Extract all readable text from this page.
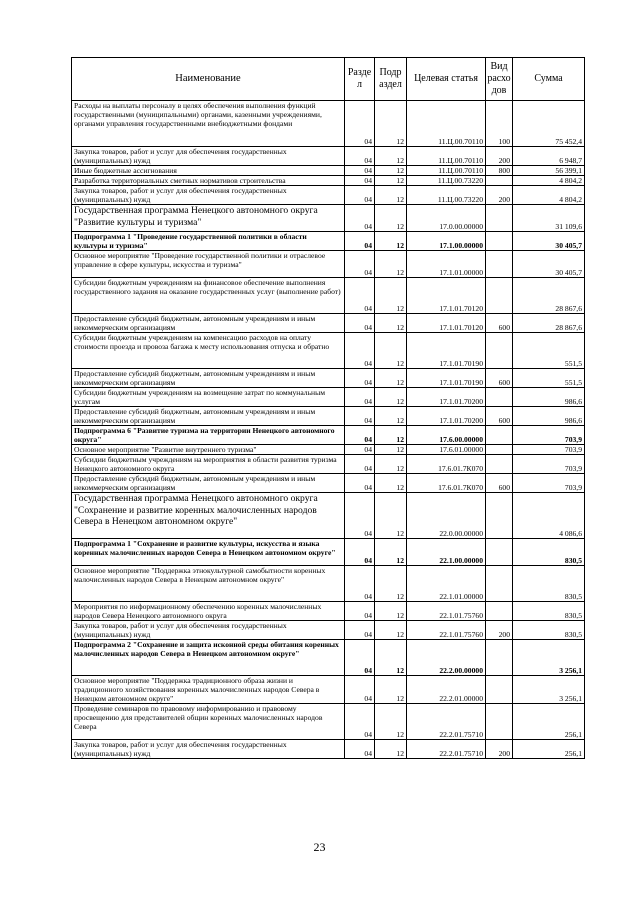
Наименование	Разде л	Подр аздел	Целевая статья	Вид расхо дов	Сумма
Расходы на выплаты персоналу в целях обеспечения выполнения функций государственными (муниципальными) органами, казенными учреждениями, органами управления государственными внебюджетными фондами	04	12	11.Ц.00.70110	100	75 452,4
Закупка товаров, работ и услуг для обеспечения государственных (муниципальных) нужд	04	12	11.Ц.00.70110	200	6 948,7
Иные бюджетные ассигнования	04	12	11.Ц.00.70110	800	56 399,1
Разработка территориальных сметных нормативов строительства	04	12	11.Ц.00.73220		4 804,2
Закупка товаров, работ и услуг для обеспечения государственных (муниципальных) нужд	04	12	11.Ц.00.73220	200	4 804,2
Государственная программа Ненецкого автономного округа "Развитие культуры и туризма"	04	12	17.0.00.00000		31 109,6
Подпрограмма 1 "Проведение государственной политики в области культуры и туризма"	04	12	17.1.00.00000		30 405,7
Основное мероприятие "Проведение государственной политики и отраслевое управление в сфере культуры, искусства и туризма"	04	12	17.1.01.00000		30 405,7
Субсидии бюджетным учреждениям на финансовое обеспечение выполнения государственного задания на оказание государственных услуг (выполнение работ)	04	12	17.1.01.70120		28 867,6
Предоставление субсидий бюджетным, автономным учреждениям и иным некоммерческим организациям	04	12	17.1.01.70120	600	28 867,6
Субсидии бюджетным учреждениям на компенсацию расходов на оплату стоимости проезда и провоза багажа к месту использования отпуска и обратно	04	12	17.1.01.70190		551,5
Предоставление субсидий бюджетным, автономным учреждениям и иным некоммерческим организациям	04	12	17.1.01.70190	600	551,5
Субсидии бюджетным учреждениям на возмещение затрат по коммунальным услугам	04	12	17.1.01.70200		986,6
Предоставление субсидий бюджетным, автономным учреждениям и иным некоммерческим организациям	04	12	17.1.01.70200	600	986,6
Подпрограмма 6 "Развитие туризма на территории Ненецкого автономного округа"	04	12	17.6.00.00000		703,9
Основное мероприятие "Развитие внутреннего туризма"	04	12	17.6.01.00000		703,9
Субсидии бюджетным учреждениям на мероприятия в области развития туризма Ненецкого автономного округа	04	12	17.6.01.7К070		703,9
Предоставление субсидий бюджетным, автономным учреждениям и иным некоммерческим организациям	04	12	17.6.01.7К070	600	703,9
Государственная программа Ненецкого автономного округа "Сохранение и развитие коренных малочисленных народов Севера в Ненецком автономном округе"	04	12	22.0.00.00000		4 086,6
Подпрограмма 1 "Сохранение и развитие культуры, искусства и языка коренных малочисленных народов Севера в Ненецком автономном округе"	04	12	22.1.00.00000		830,5
Основное мероприятие "Поддержка этнокультурной самобытности коренных малочисленных народов Севера в Ненецком автономном округе"	04	12	22.1.01.00000		830,5
Мероприятия по информационному обеспечению коренных малочисленных народов Севера Ненецкого автономного округа	04	12	22.1.01.75760		830,5
Закупка товаров, работ и услуг для обеспечения государственных (муниципальных) нужд	04	12	22.1.01.75760	200	830,5
Подпрограмма 2 "Сохранение и защита исконной среды обитания коренных малочисленных народов Севера в Ненецком автономном округе"	04	12	22.2.00.00000		3 256,1
Основное мероприятие "Поддержка традиционного образа жизни и традиционного хозяйствования коренных малочисленных народов Севера в Ненецком автономном округе"	04	12	22.2.01.00000		3 256,1
Проведение семинаров по правовому информированию и правовому просвещению для представителей общин коренных малочисленных народов Севера	04	12	22.2.01.75710		256,1
Закупка товаров, работ и услуг для обеспечения государственных (муниципальных) нужд	04	12	22.2.01.75710	200	256,1
23
